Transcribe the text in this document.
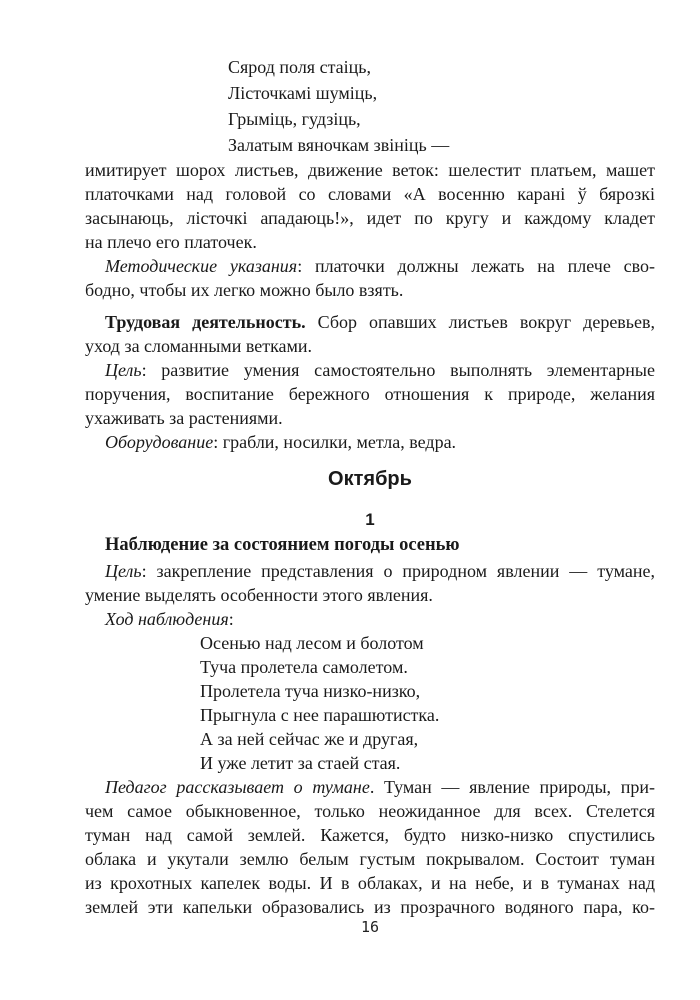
Сярод поля стаіць,
Лісточкамі шуміць,
Грыміць, гудзіць,
Залатым вяночкам звініць —
имитирует шорох листьев, движение веток: шелестит платьем, машет
платочками над головой со словами «А восенню карані ў бярозкі
засынаюць, лісточкі ападаюць!», идет по кругу и каждому кладет
на плечо его платочек.
Методические указания: платочки должны лежать на плече сво-
бодно, чтобы их легко можно было взять.
Трудовая деятельность. Сбор опавших листьев вокруг деревьев,
уход за сломанными ветками.
Цель: развитие умения самостоятельно выполнять элементарные
поручения, воспитание бережного отношения к природе, желания
ухаживать за растениями.
Оборудование: грабли, носилки, метла, ведра.
Октябрь
1
Наблюдение за состоянием погоды осенью
Цель: закрепление представления о природном явлении — тумане,
умение выделять особенности этого явления.
Ход наблюдения:
Осенью над лесом и болотом
Туча пролетела самолетом.
Пролетела туча низко-низко,
Прыгнула с нее парашютистка.
А за ней сейчас же и другая,
И уже летит за стаей стая.
Педагог рассказывает о тумане. Туман — явление природы, при-
чем самое обыкновенное, только неожиданное для всех. Стелется
туман над самой землей. Кажется, будто низко-низко спустились
облака и укутали землю белым густым покрывалом. Состоит туман
из крохотных капелек воды. И в облаках, и на небе, и в туманах над
землей эти капельки образовались из прозрачного водяного пара, ко-
16
